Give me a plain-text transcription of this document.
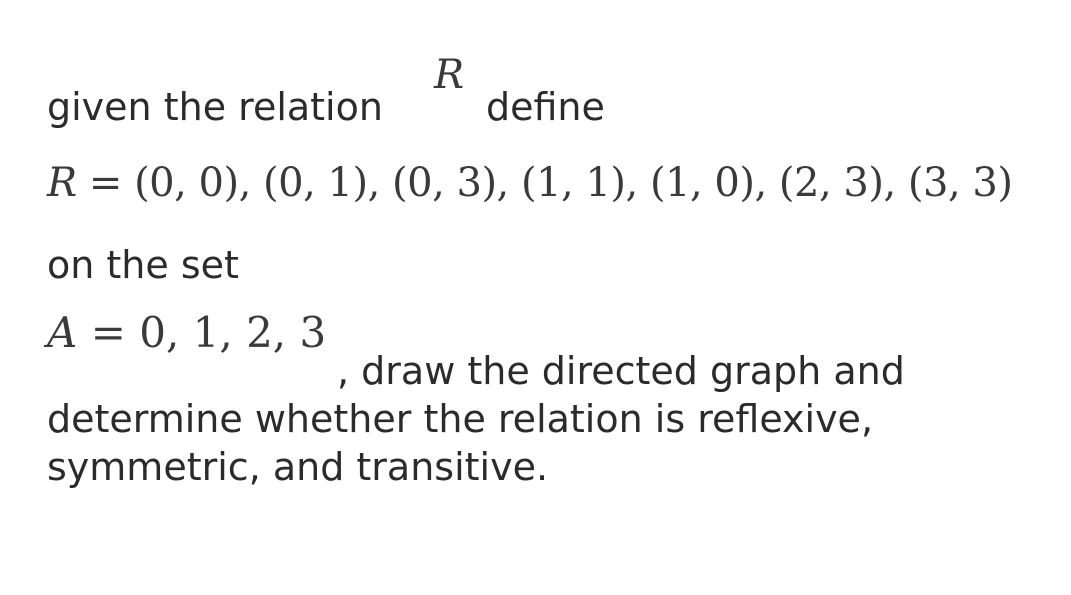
given the relation
R
define
R = (0, 0), (0, 1), (0, 3), (1, 1), (1, 0), (2, 3), (3, 3)
on the set
A = 0, 1, 2, 3
, draw the directed graph and
determine whether the relation is reflexive,
symmetric, and transitive.
